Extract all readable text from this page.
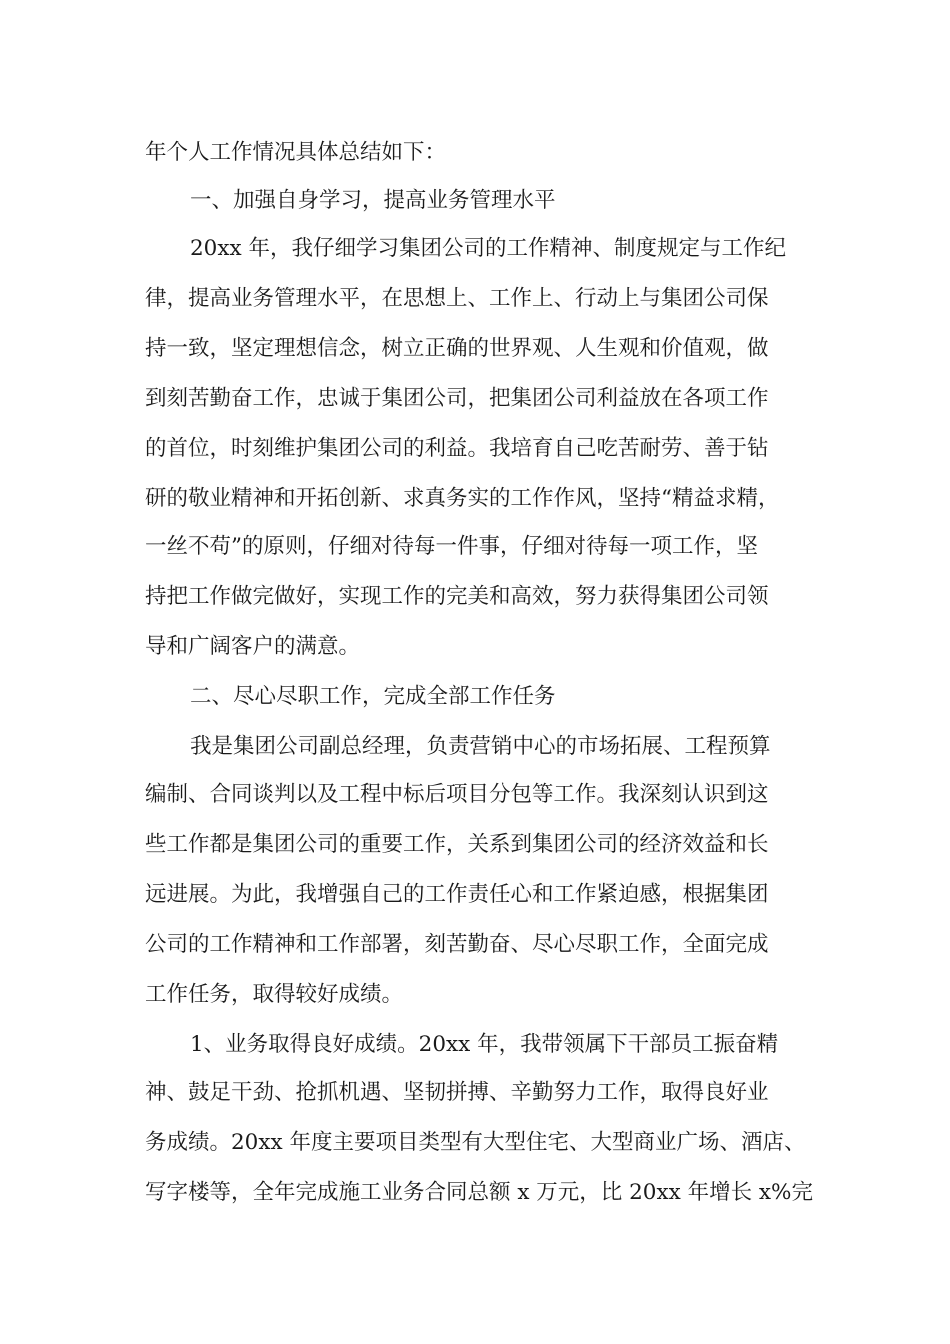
年个人工作情况具体总结如下：
一、加强自身学习，提高业务管理水平
20xx 年，我仔细学习集团公司的工作精神、制度规定与工作纪
律，提高业务管理水平，在思想上、工作上、行动上与集团公司保
持一致，坚定理想信念，树立正确的世界观、人生观和价值观，做
到刻苦勤奋工作，忠诚于集团公司，把集团公司利益放在各项工作
的首位，时刻维护集团公司的利益。我培育自己吃苦耐劳、善于钻
研的敬业精神和开拓创新、求真务实的工作作风，坚持“精益求精，
一丝不苟”的原则，仔细对待每一件事，仔细对待每一项工作，坚
持把工作做完做好，实现工作的完美和高效，努力获得集团公司领
导和广阔客户的满意。
二、尽心尽职工作，完成全部工作任务
我是集团公司副总经理，负责营销中心的市场拓展、工程预算
编制、合同谈判以及工程中标后项目分包等工作。我深刻认识到这
些工作都是集团公司的重要工作，关系到集团公司的经济效益和长
远进展。为此，我增强自己的工作责任心和工作紧迫感，根据集团
公司的工作精神和工作部署，刻苦勤奋、尽心尽职工作，全面完成
工作任务，取得较好成绩。
1、业务取得良好成绩。20xx 年，我带领属下干部员工振奋精
神、鼓足干劲、抢抓机遇、坚韧拼搏、辛勤努力工作，取得良好业
务成绩。20xx 年度主要项目类型有大型住宅、大型商业广场、酒店、
写字楼等，全年完成施工业务合同总额 x 万元，比 20xx 年增长 x%完
